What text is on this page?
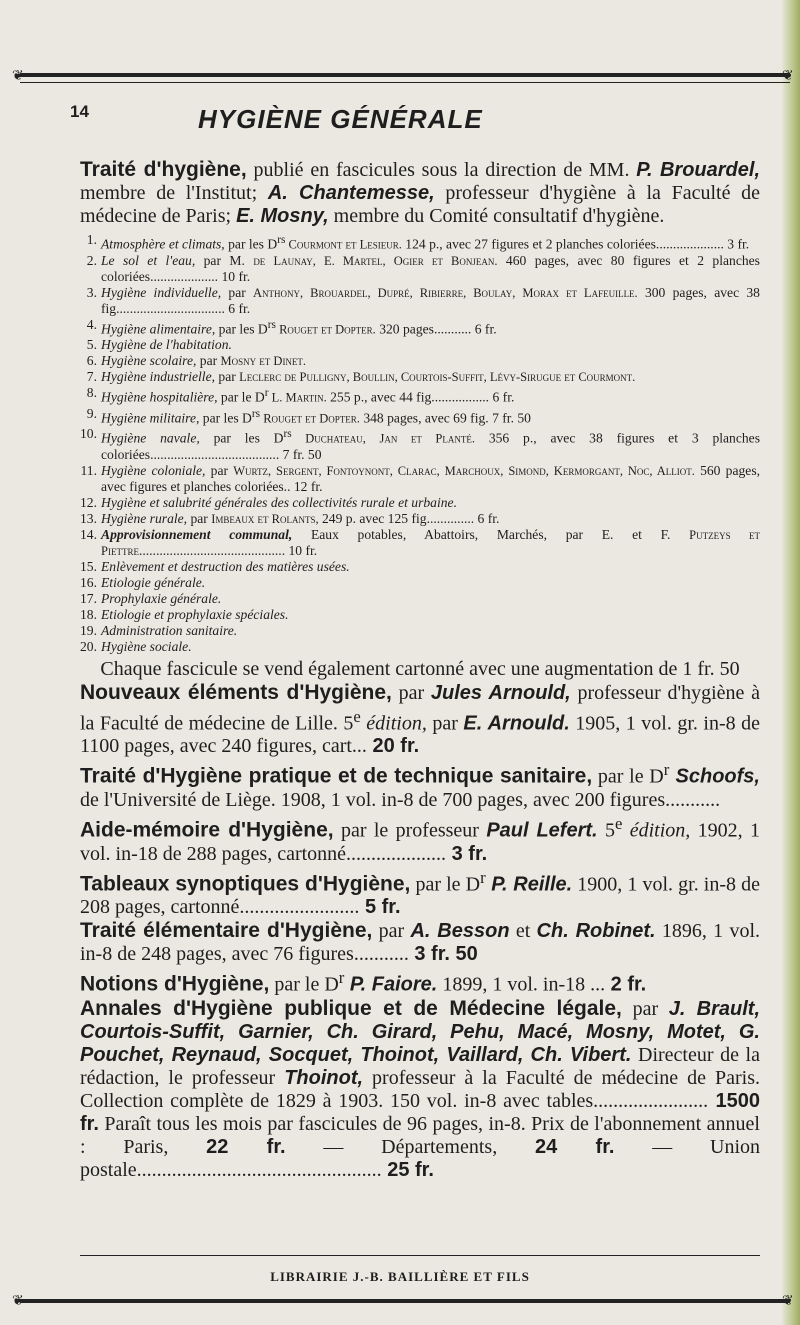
❦	❦
14	HYGIÈNE GÉNÉRALE

Traité d'hygiène, publié en fascicules sous la direction de MM. P. Brouardel, membre de l'Institut; A. Chantemesse, professeur d'hygiène à la Faculté de médecine de Paris; E. Mosny, membre du Comité consultatif d'hygiène.

1. Atmosphère et climats, par les $D^{rs}$ Courmont et Lesieur. 124 p., avec 27 figures et 2 planches coloriées.................... 3 fr.
2. Le sol et l'eau, par M. de Launay, E. Martel, Ogier et Bonjean. 460 pages, avec 80 figures et 2 planches coloriées.................... 10 fr.
3. Hygiène individuelle, par Anthony, Brouardel, Dupré, Ribierre, Boulay, Morax et Lafeuille. 300 pages, avec 38 fig................................ 6 fr.
4. Hygiène alimentaire, par les $D^{rs}$ Rouget et Dopter. 320 pages........... 6 fr.
5. Hygiène de l'habitation.
6. Hygiène scolaire, par Mosny et Dinet.
7. Hygiène industrielle, par Leclerc de Pulligny, Boullin, Courtois-Suffit, Lévy-Sirugue et Courmont.
8. Hygiène hospitalière, par le $D^r$ L. Martin. 255 p., avec 44 fig................. 6 fr.
9. Hygiène militaire, par les $D^{rs}$ Rouget et Dopter. 348 pages, avec 69 fig. 7 fr. 50
10. Hygiène navale, par les $D^{rs}$ Duchateau, Jan et Planté. 356 p., avec 38 figures et 3 planches coloriées...................................... 7 fr. 50
11. Hygiène coloniale, par Wurtz, Sergent, Fontoynont, Clarac, Marchoux, Simond, Kermorgant, Noc, Alliot. 560 pages, avec figures et planches coloriées.. 12 fr.
12. Hygiène et salubrité générales des collectivités rurale et urbaine.
13. Hygiène rurale, par Imbeaux et Rolants, 249 p. avec 125 fig.............. 6 fr.
14. Approvisionnement communal, Eaux potables, Abattoirs, Marchés, par E. et F. Putzeys et Piettre........................................... 10 fr.
15. Enlèvement et destruction des matières usées.
16. Etiologie générale.
17. Prophylaxie générale.
18. Etiologie et prophylaxie spéciales.
19. Administration sanitaire.
20. Hygiène sociale.

Chaque fascicule se vend également cartonné avec une augmentation de 1 fr. 50

Nouveaux éléments d'Hygiène, par Jules Arnould, professeur d'hygiène à la Faculté de médecine de Lille. 5e édition, par E. Arnould. 1905, 1 vol. gr. in-8 de 1100 pages, avec 240 figures, cart... 20 fr.

Traité d'Hygiène pratique et de technique sanitaire, par le $D^r$ Schoofs, de l'Université de Liège. 1908, 1 vol. in-8 de 700 pages, avec 200 figures...........

Aide-mémoire d'Hygiène, par le professeur Paul Lefert. 5e édition, 1902, 1 vol. in-18 de 288 pages, cartonné.................... 3 fr.

Tableaux synoptiques d'Hygiène, par le $D^r$ P. Reille. 1900, 1 vol. gr. in-8 de 208 pages, cartonné........................ 5 fr.

Traité élémentaire d'Hygiène, par A. Besson et Ch. Robinet. 1896, 1 vol. in-8 de 248 pages, avec 76 figures........... 3 fr. 50

Notions d'Hygiène, par le $D^r$ P. Faiore. 1899, 1 vol. in-18 ... 2 fr.

Annales d'Hygiène publique et de Médecine légale, par J. Brault, Courtois-Suffit, Garnier, Ch. Girard, Pehu, Macé, Mosny, Motet, G. Pouchet, Reynaud, Socquet, Thoinot, Vaillard, Ch. Vibert. Directeur de la rédaction, le professeur Thoinot, professeur à la Faculté de médecine de Paris. Collection complète de 1829 à 1903. 150 vol. in-8 avec tables....................... 1500 fr. Paraît tous les mois par fascicules de 96 pages, in-8. Prix de l'abonnement annuel : Paris, 22 fr. — Départements, 24 fr. — Union postale................................................. 25 fr.

LIBRAIRIE J.-B. BAILLIÈRE ET FILS
❦	❦
